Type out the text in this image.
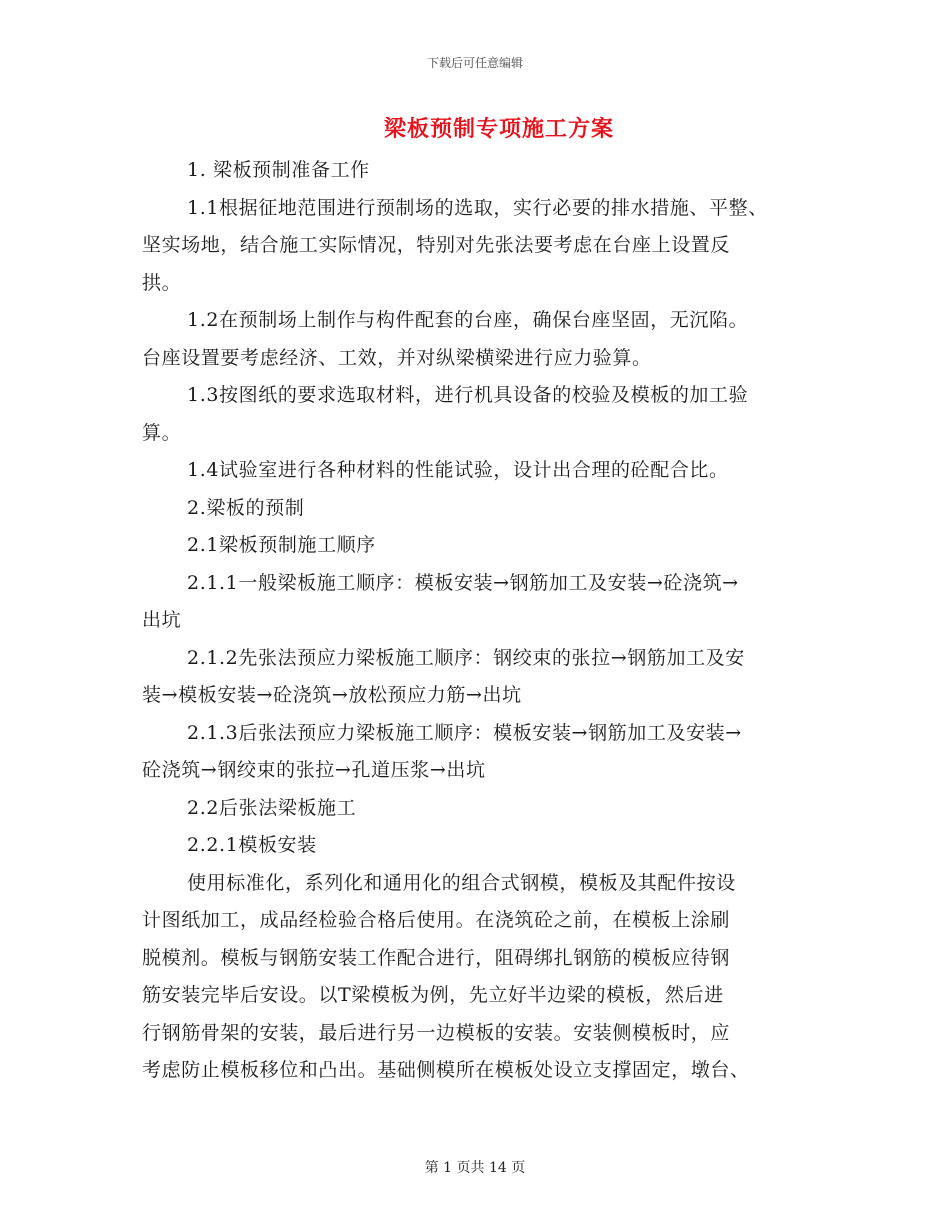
下载后可任意编辑
梁板预制专项施工方案
1. 梁板预制准备工作
1.1根据征地范围进行预制场的选取，实行必要的排水措施、平整、
坚实场地，结合施工实际情况，特别对先张法要考虑在台座上设置反
拱。
1.2在预制场上制作与构件配套的台座，确保台座坚固，无沉陷。
台座设置要考虑经济、工效，并对纵梁横梁进行应力验算。
1.3按图纸的要求选取材料，进行机具设备的校验及模板的加工验
算。
1.4试验室进行各种材料的性能试验，设计出合理的砼配合比。
2.梁板的预制
2.1梁板预制施工顺序
2.1.1一般梁板施工顺序：模板安装→钢筋加工及安装→砼浇筑→
出坑
2.1.2先张法预应力梁板施工顺序：钢绞束的张拉→钢筋加工及安
装→模板安装→砼浇筑→放松预应力筋→出坑
2.1.3后张法预应力梁板施工顺序：模板安装→钢筋加工及安装→
砼浇筑→钢绞束的张拉→孔道压浆→出坑
2.2后张法梁板施工
2.2.1模板安装
使用标准化，系列化和通用化的组合式钢模，模板及其配件按设
计图纸加工，成品经检验合格后使用。在浇筑砼之前，在模板上涂刷
脱模剂。模板与钢筋安装工作配合进行，阻碍绑扎钢筋的模板应待钢
筋安装完毕后安设。以T梁模板为例，先立好半边梁的模板，然后进
行钢筋骨架的安装，最后进行另一边模板的安装。安装侧模板时，应
考虑防止模板移位和凸出。基础侧模所在模板处设立支撑固定，墩台、
第 1 页共 14 页
